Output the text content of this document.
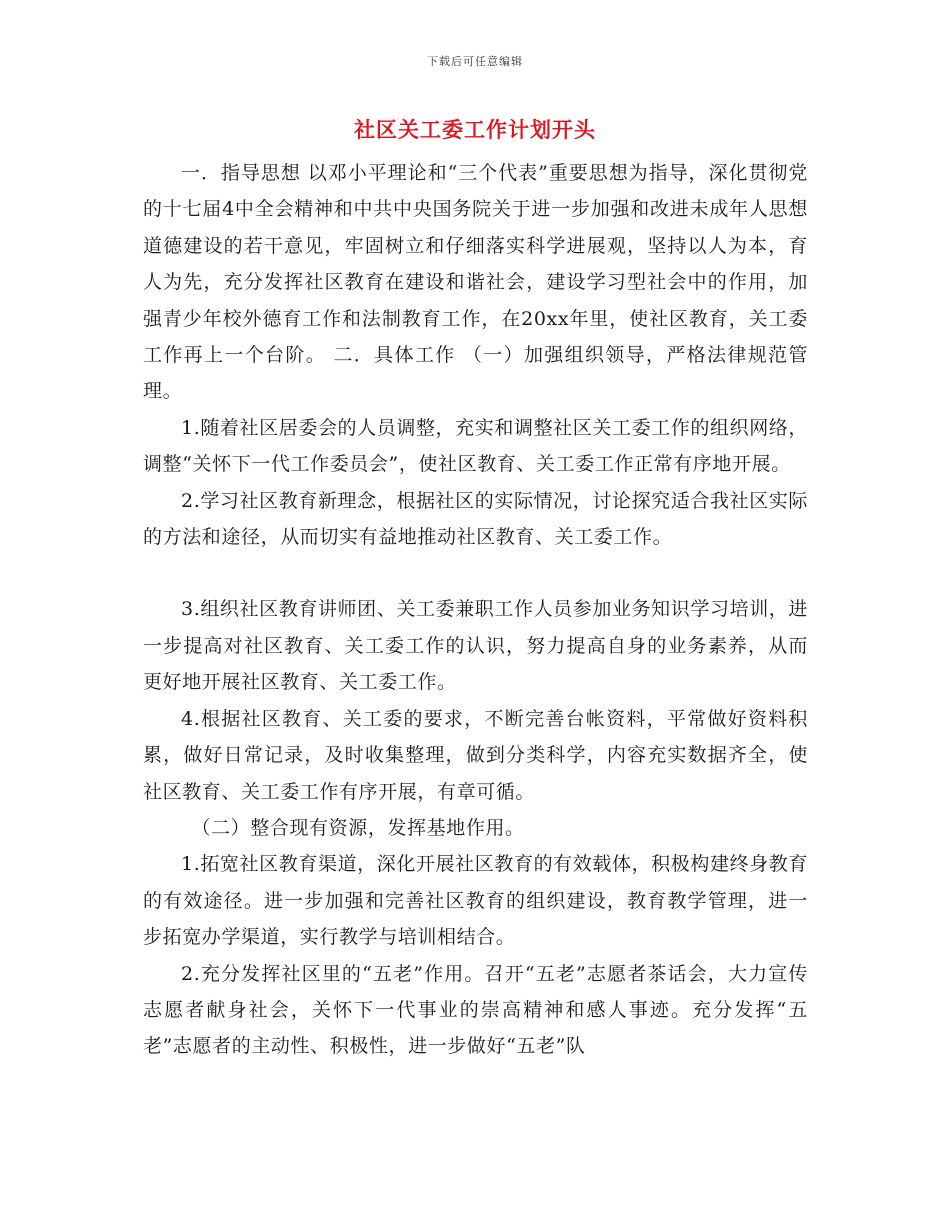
下载后可任意编辑
社区关工委工作计划开头

一．指导思想 以邓小平理论和“三个代表”重要思想为指导，深化贯彻党的十七届4中全会精神和中共中央国务院关于进一步加强和改进未成年人思想道德建设的若干意见，牢固树立和仔细落实科学进展观，坚持以人为本，育人为先，充分发挥社区教育在建设和谐社会，建设学习型社会中的作用，加强青少年校外德育工作和法制教育工作，在20xx年里，使社区教育，关工委工作再上一个台阶。 二．具体工作 （一）加强组织领导，严格法律规范管理。

1.随着社区居委会的人员调整，充实和调整社区关工委工作的组织网络，调整“关怀下一代工作委员会”，使社区教育、关工委工作正常有序地开展。

2.学习社区教育新理念，根据社区的实际情况，讨论探究适合我社区实际的方法和途径，从而切实有益地推动社区教育、关工委工作。

3.组织社区教育讲师团、关工委兼职工作人员参加业务知识学习培训，进一步提高对社区教育、关工委工作的认识，努力提高自身的业务素养，从而更好地开展社区教育、关工委工作。

4.根据社区教育、关工委的要求，不断完善台帐资料，平常做好资料积累，做好日常记录，及时收集整理，做到分类科学，内容充实数据齐全，使社区教育、关工委工作有序开展，有章可循。

（二）整合现有资源，发挥基地作用。

1.拓宽社区教育渠道，深化开展社区教育的有效载体，积极构建终身教育的有效途径。进一步加强和完善社区教育的组织建设，教育教学管理，进一步拓宽办学渠道，实行教学与培训相结合。

2.充分发挥社区里的“五老”作用。召开“五老”志愿者茶话会，大力宣传志愿者献身社会，关怀下一代事业的崇高精神和感人事迹。充分发挥“五老”志愿者的主动性、积极性，进一步做好“五老”队
